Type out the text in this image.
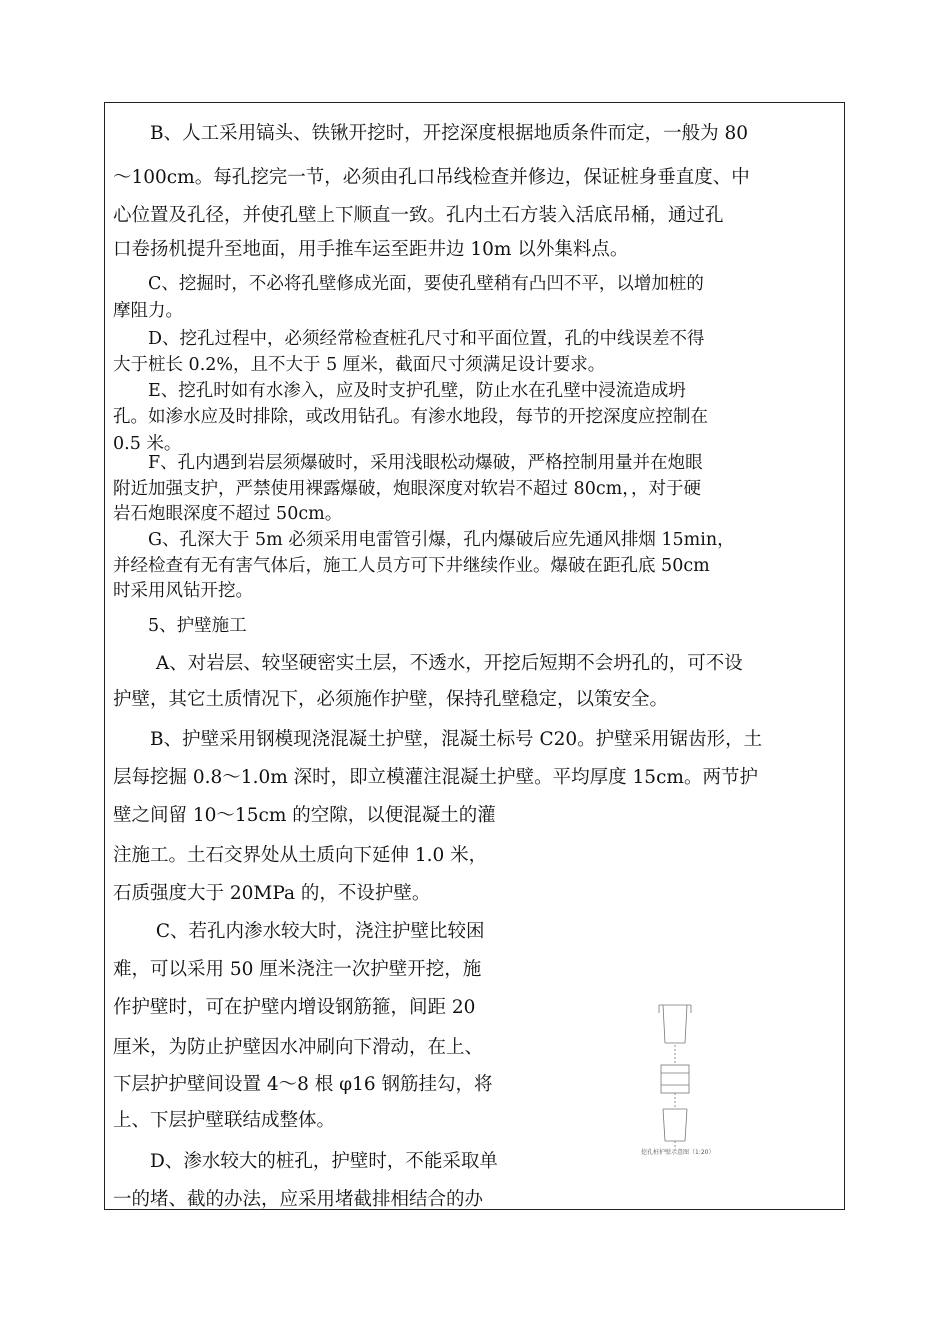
　　B、人工采用镐头、铁锹开挖时，开挖深度根据地质条件而定，一般为 80
～100cm。每孔挖完一节，必须由孔口吊线检查并修边，保证桩身垂直度、中
心位置及孔径，并使孔壁上下顺直一致。孔内土石方装入活底吊桶，通过孔
口卷扬机提升至地面，用手推车运至距井边 10m 以外集料点。
　　C、挖掘时，不必将孔壁修成光面，要使孔壁稍有凸凹不平，以增加桩的
摩阻力。
　　D、挖孔过程中，必须经常检查桩孔尺寸和平面位置，孔的中线误差不得
大于桩长 0.2%，且不大于 5 厘米，截面尺寸须满足设计要求。
　　E、挖孔时如有水渗入，应及时支护孔壁，防止水在孔壁中浸流造成坍
孔。如渗水应及时排除，或改用钻孔。有渗水地段，每节的开挖深度应控制在
0.5 米。
　　F、孔内遇到岩层须爆破时，采用浅眼松动爆破，严格控制用量并在炮眼
附近加强支护，严禁使用裸露爆破，炮眼深度对软岩不超过 80cm，，对于硬
岩石炮眼深度不超过 50cm。
　　G、孔深大于 5m 必须采用电雷管引爆，孔内爆破后应先通风排烟 15min，
并经检查有无有害气体后，施工人员方可下井继续作业。爆破在距孔底 50cm
时采用风钻开挖。
　　5、护壁施工
　　 A、对岩层、较坚硬密实土层，不透水，开挖后短期不会坍孔的，可不设
护壁，其它土质情况下，必须施作护壁，保持孔壁稳定，以策安全。
　　B、护壁采用钢模现浇混凝土护壁，混凝土标号 C20。护壁采用锯齿形，土
层每挖掘 0.8～1.0m 深时，即立模灌注混凝土护壁。平均厚度 15cm。两节护
壁之间留 10～15cm 的空隙，以便混凝土的灌
注施工。土石交界处从土质向下延伸 1.0 米，
石质强度大于 20MPa 的，不设护壁。
　　 C、若孔内渗水较大时，浇注护壁比较困
难，可以采用 50 厘米浇注一次护壁开挖，施
作护壁时，可在护壁内增设钢筋箍，间距 20
厘米，为防止护壁因水冲刷向下滑动，在上、
下层护护壁间设置 4～8 根 φ16 钢筋挂勾，将
上、下层护壁联结成整体。
　　D、渗水较大的桩孔，护壁时，不能采取单
一的堵、截的办法，应采用堵截排相结合的办
挖孔桩护壁示意图（1:20）
